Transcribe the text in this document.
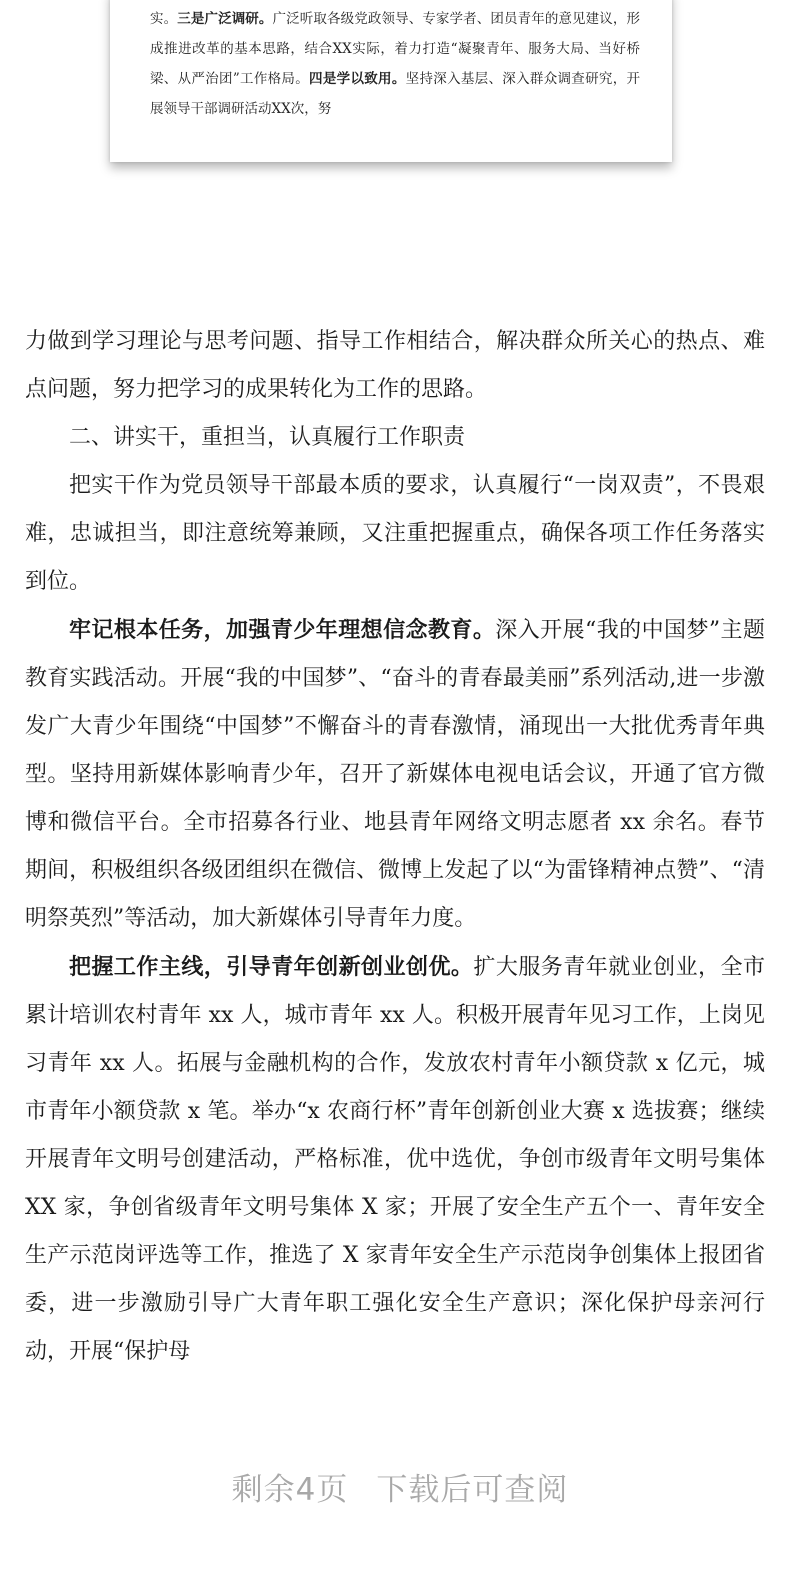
实。三是广泛调研。广泛听取各级党政领导、专家学者、团员青年的意见建议，形成推进改革的基本思路，结合XX实际，着力打造“凝聚青年、服务大局、当好桥梁、从严治团”工作格局。四是学以致用。坚持深入基层、深入群众调查研究，开展领导干部调研活动XX次，努

力做到学习理论与思考问题、指导工作相结合，解决群众所关心的热点、难点问题，努力把学习的成果转化为工作的思路。

二、讲实干，重担当，认真履行工作职责

把实干作为党员领导干部最本质的要求，认真履行“一岗双责”，不畏艰难，忠诚担当，即注意统筹兼顾，又注重把握重点，确保各项工作任务落实到位。

牢记根本任务，加强青少年理想信念教育。深入开展“我的中国梦”主题教育实践活动。开展“我的中国梦”、“奋斗的青春最美丽”系列活动,进一步激发广大青少年围绕“中国梦”不懈奋斗的青春激情，涌现出一大批优秀青年典型。坚持用新媒体影响青少年，召开了新媒体电视电话会议，开通了官方微博和微信平台。全市招募各行业、地县青年网络文明志愿者 xx 余名。春节期间，积极组织各级团组织在微信、微博上发起了以“为雷锋精神点赞”、“清明祭英烈”等活动，加大新媒体引导青年力度。

把握工作主线，引导青年创新创业创优。扩大服务青年就业创业，全市累计培训农村青年 xx 人，城市青年 xx 人。积极开展青年见习工作，上岗见习青年 xx 人。拓展与金融机构的合作，发放农村青年小额贷款 x 亿元，城市青年小额贷款 x 笔。举办“x 农商行杯”青年创新创业大赛 x 选拔赛；继续开展青年文明号创建活动，严格标准，优中选优，争创市级青年文明号集体 XX 家，争创省级青年文明号集体 X 家；开展了安全生产五个一、青年安全生产示范岗评选等工作，推选了 X 家青年安全生产示范岗争创集体上报团省委，进一步激励引导广大青年职工强化安全生产意识；深化保护母亲河行动，开展“保护母

剩余4页 下载后可查阅
